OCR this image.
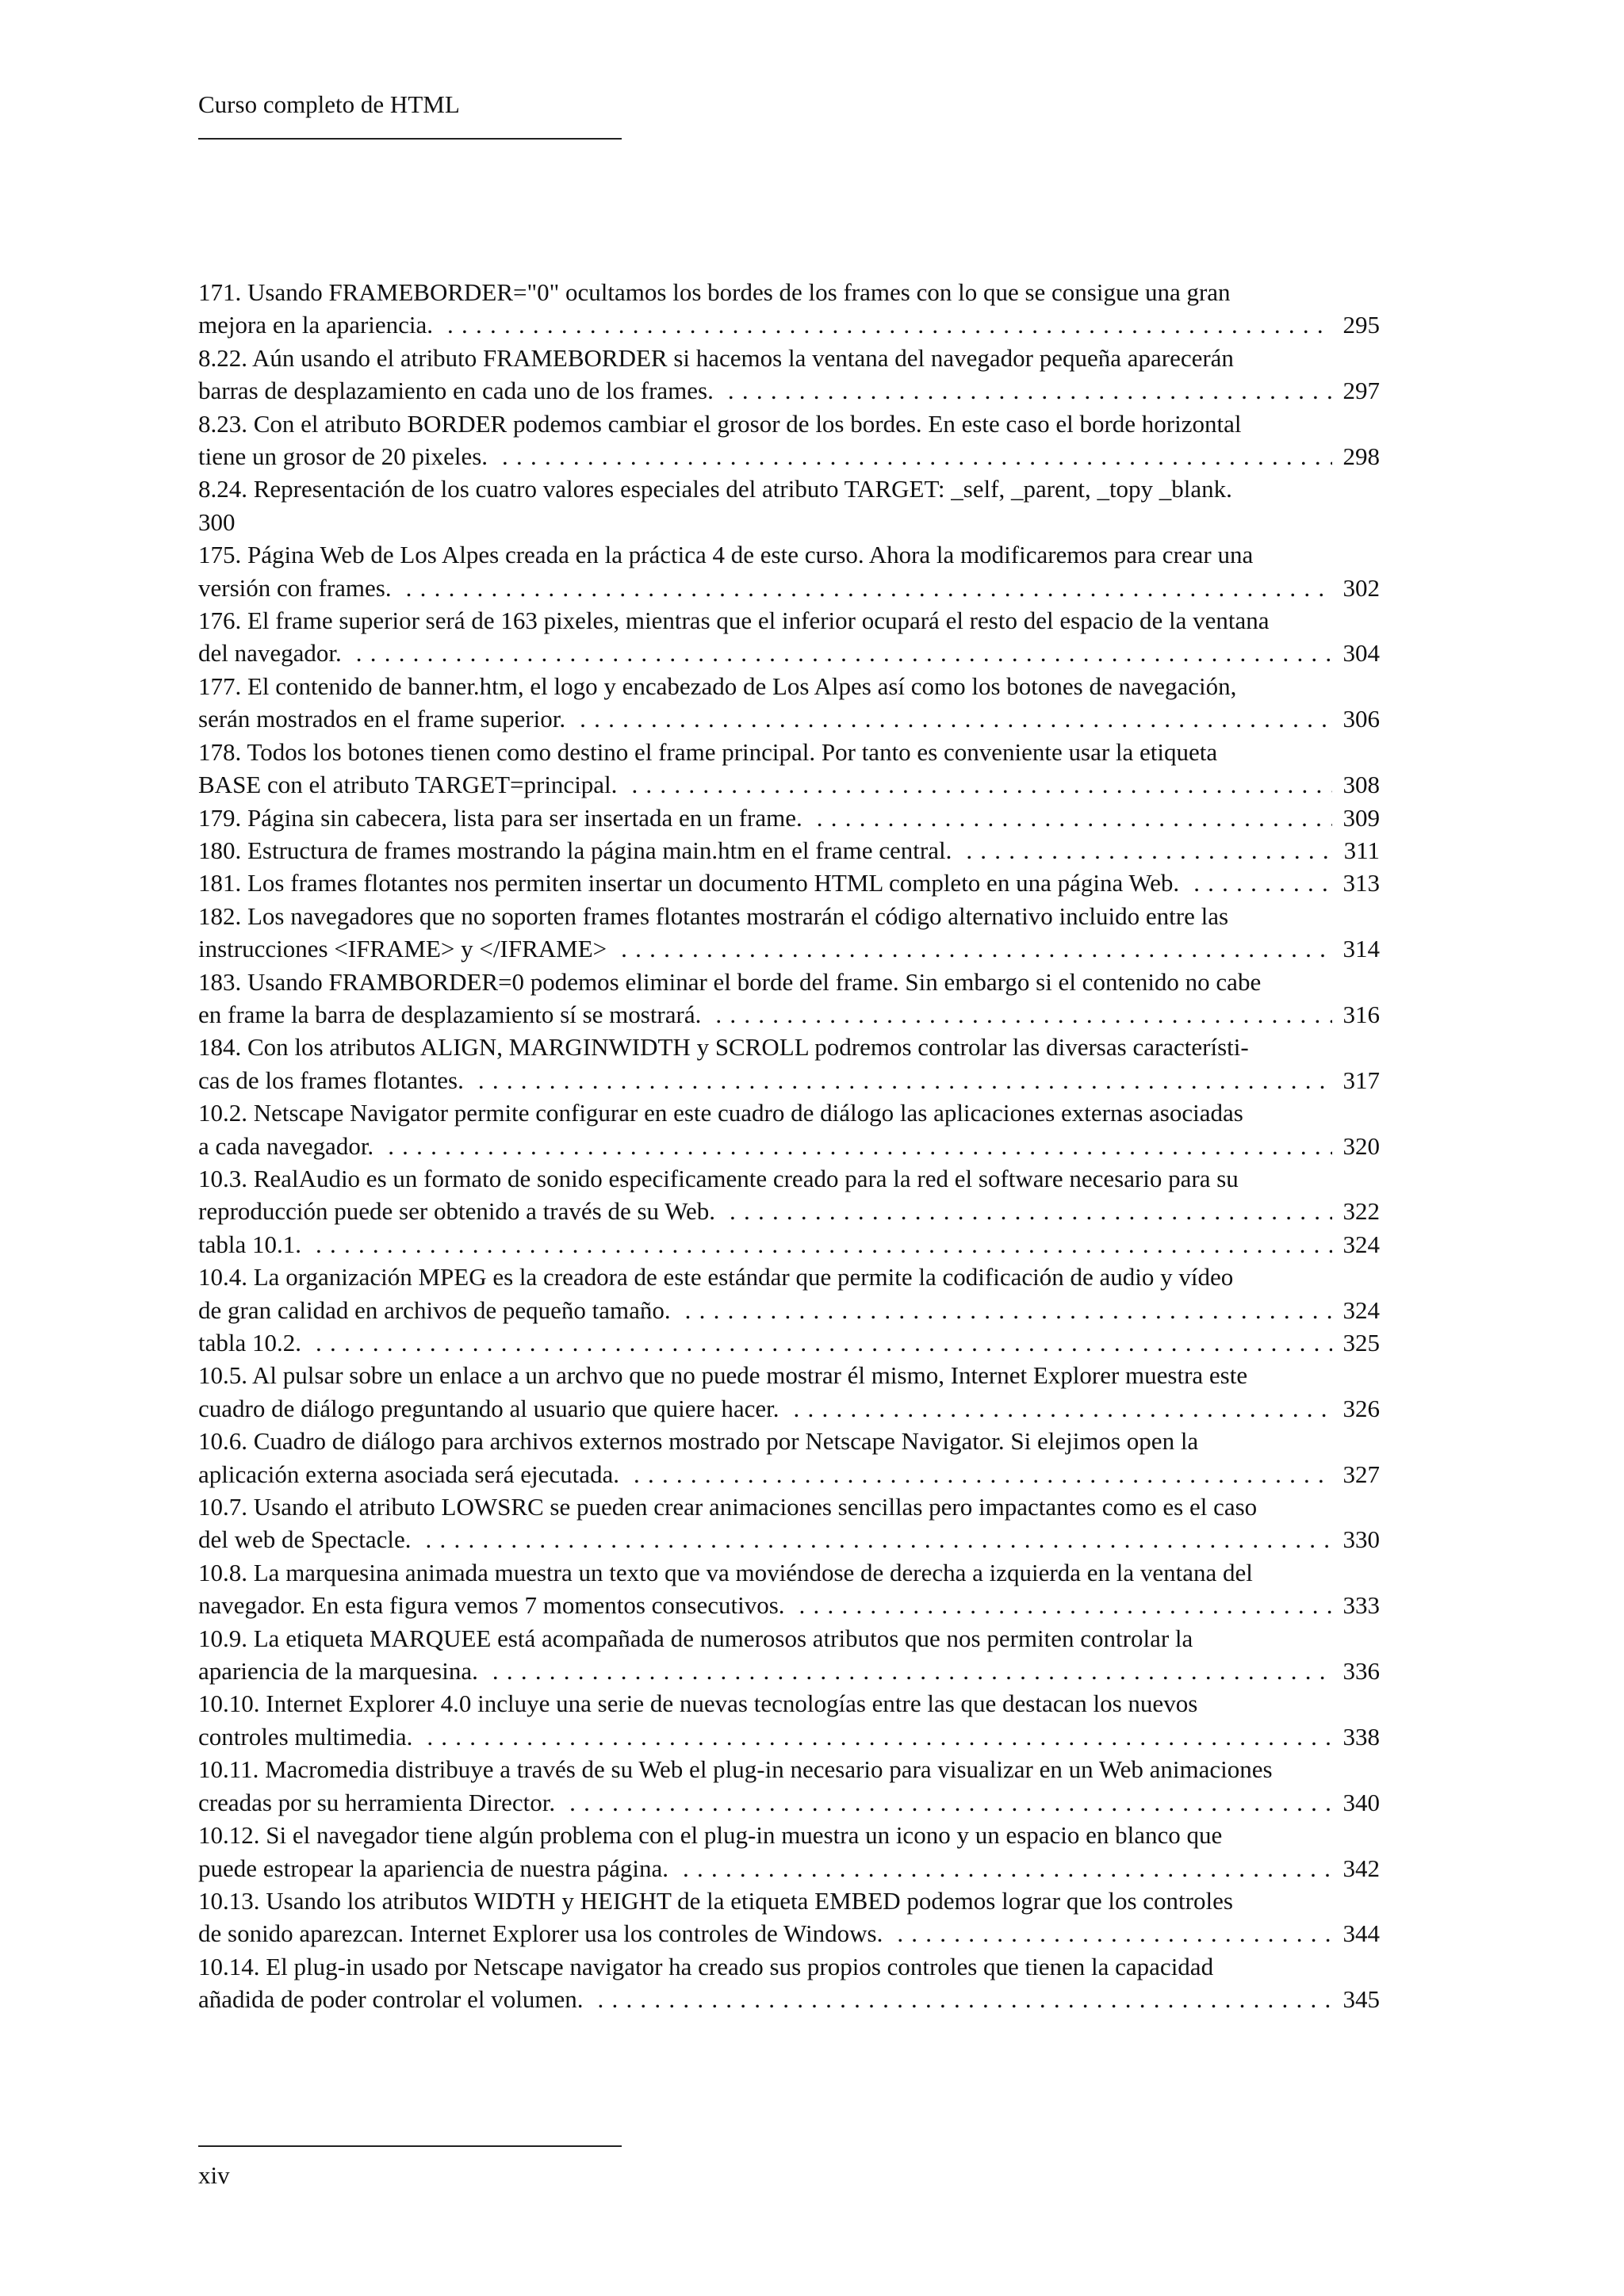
Curso completo de HTML
171. Usando FRAMEBORDER="0" ocultamos los bordes de los frames con lo que se consigue una gran
mejora en la apariencia. .....	295
8.22. Aún usando el atributo FRAMEBORDER si hacemos la ventana del navegador pequeña aparecerán
barras de desplazamiento en cada uno de los frames. .....	297
8.23. Con el atributo BORDER podemos cambiar el grosor de los bordes. En este caso el borde horizontal
tiene un grosor de 20 pixeles. .....	298
8.24. Representación de los cuatro valores especiales del atributo TARGET: _self, _parent, _topy _blank.
300
175. Página Web de Los Alpes creada en la práctica 4 de este curso. Ahora la modificaremos para crear una
versión con frames. .....	302
176. El frame superior será de 163 pixeles, mientras que el inferior ocupará el resto del espacio de la ventana
del navegador. .....	304
177. El contenido de banner.htm, el logo y encabezado de Los Alpes así como los botones de navegación,
serán mostrados en el frame superior. .....	306
178. Todos los botones tienen como destino el frame principal. Por tanto es conveniente usar la etiqueta
BASE con el atributo TARGET=principal. .....	308
179. Página sin cabecera, lista para ser insertada en un frame. .....	309
180. Estructura de frames mostrando la página main.htm en el frame central. .....	311
181. Los frames flotantes nos permiten insertar un documento HTML completo en una página Web. .....	313
182. Los navegadores que no soporten frames flotantes mostrarán el código alternativo incluido entre las
instrucciones <IFRAME> y </IFRAME> .....	314
183. Usando FRAMBORDER=0 podemos eliminar el borde del frame. Sin embargo si el contenido no cabe
en frame la barra de desplazamiento sí se mostrará. .....	316
184. Con los atributos ALIGN, MARGINWIDTH y SCROLL podremos controlar las diversas característi-
cas de los frames flotantes. .....	317
10.2. Netscape Navigator permite configurar en este cuadro de diálogo las aplicaciones externas asociadas
a cada navegador. .....	320
10.3. RealAudio es un formato de sonido especificamente creado para la red el software necesario para su
reproducción puede ser obtenido a través de su Web. .....	322
tabla 10.1. .....	324
10.4. La organización MPEG es la creadora de este estándar que permite la codificación de audio y vídeo
de gran calidad en archivos de pequeño tamaño. .....	324
tabla 10.2. .....	325
10.5. Al pulsar sobre un enlace a un archvo que no puede mostrar él mismo, Internet Explorer muestra este
cuadro de diálogo preguntando al usuario que quiere hacer. .....	326
10.6. Cuadro de diálogo para archivos externos mostrado por Netscape Navigator. Si elejimos open la
aplicación externa asociada será ejecutada. .....	327
10.7. Usando el atributo LOWSRC se pueden crear animaciones sencillas pero impactantes como es el caso
del web de Spectacle. .....	330
10.8. La marquesina animada muestra un texto que va moviéndose de derecha a izquierda en la ventana del
navegador. En esta figura vemos 7 momentos consecutivos. .....	333
10.9. La etiqueta MARQUEE está acompañada de numerosos atributos que nos permiten controlar la
apariencia de la marquesina. .....	336
10.10. Internet Explorer 4.0 incluye una serie de nuevas tecnologías entre las que destacan los nuevos
controles multimedia. .....	338
10.11. Macromedia distribuye a través de su Web el plug-in necesario para visualizar en un Web animaciones
creadas por su herramienta Director. .....	340
10.12. Si el navegador tiene algún problema con el plug-in muestra un icono y un espacio en blanco que
puede estropear la apariencia de nuestra página. .....	342
10.13. Usando los atributos WIDTH y HEIGHT de la etiqueta EMBED podemos lograr que los controles
de sonido aparezcan. Internet Explorer usa los controles de Windows. .....	344
10.14. El plug-in usado por Netscape navigator ha creado sus propios controles que tienen la capacidad
añadida de poder controlar el volumen. .....	345
xiv
